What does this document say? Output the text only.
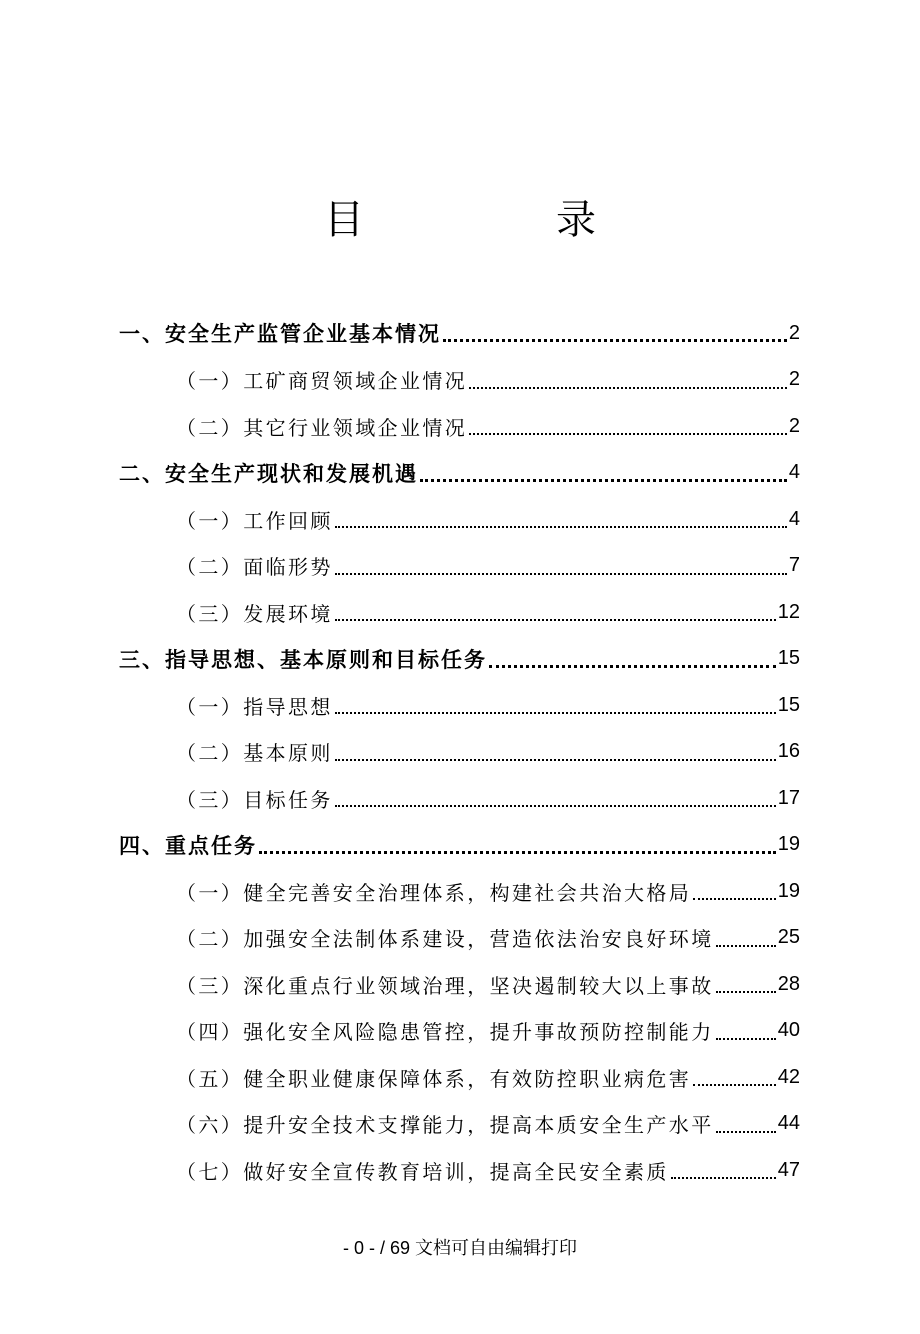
目　录
一、安全生产监管企业基本情况	2
（一）工矿商贸领域企业情况	2
（二）其它行业领域企业情况	2
二、安全生产现状和发展机遇	4
（一）工作回顾	4
（二）面临形势	7
（三）发展环境	12
三、指导思想、基本原则和目标任务	15
（一）指导思想	15
（二）基本原则	16
（三）目标任务	17
四、重点任务	19
（一）健全完善安全治理体系，构建社会共治大格局	19
（二）加强安全法制体系建设，营造依法治安良好环境	25
（三）深化重点行业领域治理，坚决遏制较大以上事故	28
（四）强化安全风险隐患管控，提升事故预防控制能力	40
（五）健全职业健康保障体系，有效防控职业病危害	42
（六）提升安全技术支撑能力，提高本质安全生产水平	44
（七）做好安全宣传教育培训，提高全民安全素质	47
- 0 - / 69 文档可自由编辑打印
